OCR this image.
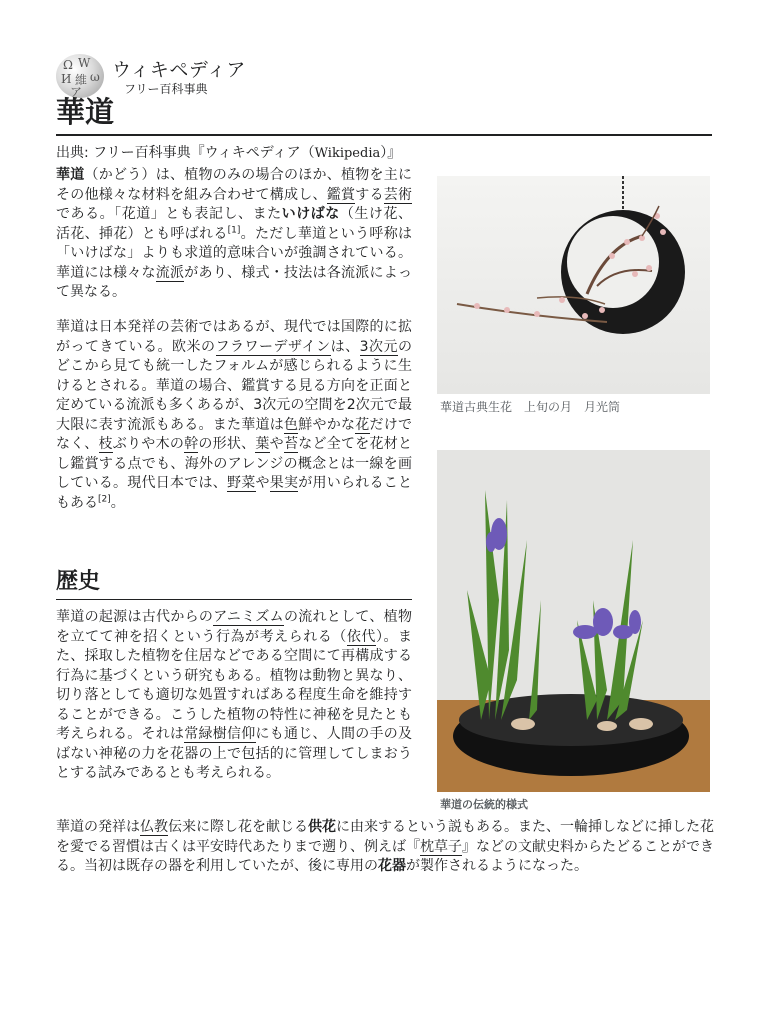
Ω W
И 維 ω
ア
ウィキペディア
フリー百科事典
華道
出典: フリー百科事典『ウィキペディア（Wikipedia）』

華道（かどう）は、植物のみの場合のほか、植物を主にその他様々な材料を組み合わせて構成し、鑑賞する芸術である。「花道」とも表記し、またいけばな（生け花、活花、挿花）とも呼ばれる[1]。ただし華道という呼称は「いけばな」よりも求道的意味合いが強調されている。華道には様々な流派があり、様式・技法は各流派によって異なる。

華道は日本発祥の芸術ではあるが、現代では国際的に拡がってきている。欧米のフラワーデザインは、3次元のどこから見ても統一したフォルムが感じられるように生けるとされる。華道の場合、鑑賞する見る方向を正面と定めている流派も多くあるが、3次元の空間を2次元で最大限に表す流派もある。また華道は色鮮やかな花だけでなく、枝ぶりや木の幹の形状、葉や苔など全てを花材とし鑑賞する点でも、海外のアレンジの概念とは一線を画している。現代日本では、野菜や果実が用いられることもある[2]。

歴史

華道の起源は古代からのアニミズムの流れとして、植物を立てて神を招くという行為が考えられる（依代）。また、採取した植物を住居などである空間にて再構成する行為に基づくという研究もある。植物は動物と異なり、切り落としても適切な処置すればある程度生命を維持することができる。こうした植物の特性に神秘を見たとも考えられる。それは常緑樹信仰にも通じ、人間の手の及ばない神秘の力を花器の上で包括的に管理してしまおうとする試みであるとも考えられる。

華道の発祥は仏教伝来に際し花を献じる供花に由来するという説もある。また、一輪挿しなどに挿した花を愛でる習慣は古くは平安時代あたりまで遡り、例えば『枕草子』などの文献史料からたどることができる。当初は既存の器を利用していたが、後に専用の花器が製作されるようになった。

華道古典生花　上旬の月　月光筒
華道の伝統的様式
